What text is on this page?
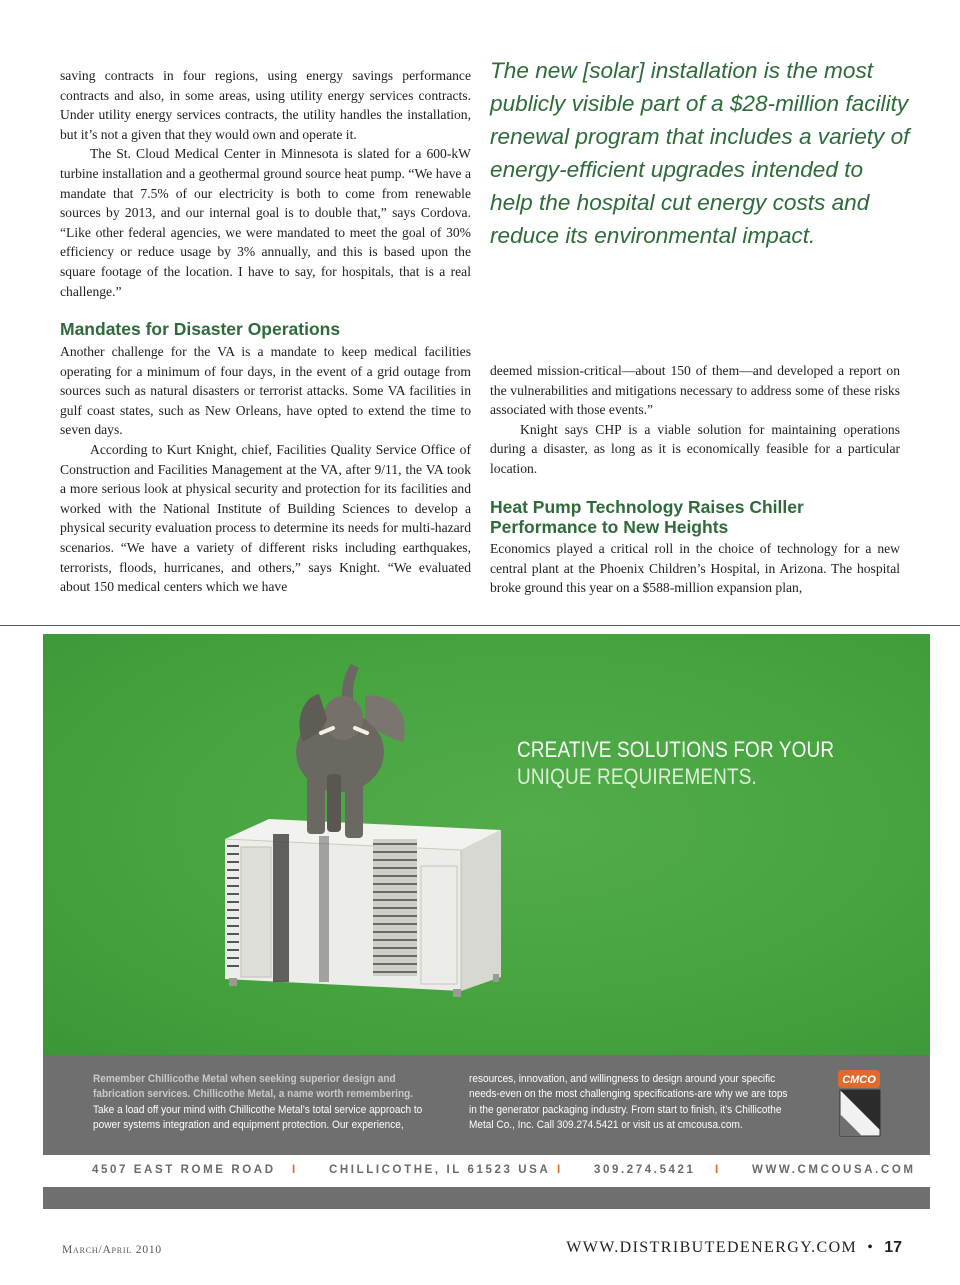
saving contracts in four regions, using energy savings performance contracts and also, in some areas, using utility energy services contracts. Under utility energy services contracts, the utility handles the installation, but it’s not a given that they would own and operate it.

The St. Cloud Medical Center in Minnesota is slated for a 600-kW turbine installation and a geothermal ground source heat pump. “We have a mandate that 7.5% of our electricity is both to come from renewable sources by 2013, and our internal goal is to double that,” says Cordova. “Like other federal agencies, we were mandated to meet the goal of 30% efficiency or reduce usage by 3% annually, and this is based upon the square footage of the location. I have to say, for hospitals, that is a real challenge.”

The new [solar] installation is the most publicly visible part of a $28-million facility renewal program that includes a variety of energy-efficient upgrades intended to help the hospital cut energy costs and reduce its environmental impact.
Mandates for Disaster Operations

Another challenge for the VA is a mandate to keep medical facilities operating for a minimum of four days, in the event of a grid outage from sources such as natural disasters or terrorist attacks. Some VA facilities in gulf coast states, such as New Orleans, have opted to extend the time to seven days.

According to Kurt Knight, chief, Facilities Quality Service Office of Construction and Facilities Management at the VA, after 9/11, the VA took a more serious look at physical security and protection for its facilities and worked with the National Institute of Building Sciences to develop a physical security evaluation process to determine its needs for multi-hazard scenarios. “We have a variety of different risks including earthquakes, terrorists, floods, hurricanes, and others,” says Knight. “We evaluated about 150 medical centers which we have

deemed mission-critical—about 150 of them—and developed a report on the vulnerabilities and mitigations necessary to address some of these risks associated with those events.”

Knight says CHP is a viable solution for maintaining operations during a disaster, as long as it is economically feasible for a particular location.

Heat Pump Technology Raises Chiller Performance to New Heights

Economics played a critical roll in the choice of technology for a new central plant at the Phoenix Children’s Hospital, in Arizona. The hospital broke ground this year on a $588-million expansion plan,

CREATIVE SOLUTIONS FOR YOUR
UNIQUE REQUIREMENTS.
Remember Chillicothe Metal when seeking superior design and fabrication services. Chillicothe Metal, a name worth remembering. Take a load off your mind with Chillicothe Metal’s total service approach to power systems integration and equipment protection. Our experience,
resources, innovation, and willingness to design around your specific needs-even on the most challenging specifications-are why we are tops in the generator packaging industry. From start to finish, it’s Chillicothe Metal Co., Inc. Call 309.274.5421 or visit us at cmcousa.com.
CMCO
4507 EAST ROME ROAD I	CHILLICOTHE, IL 61523 USA I	309.274.5421 I	WWW.CMCOUSA.COM
March/April 2010	WWW.DISTRIBUTEDENERGY.COM • 17
